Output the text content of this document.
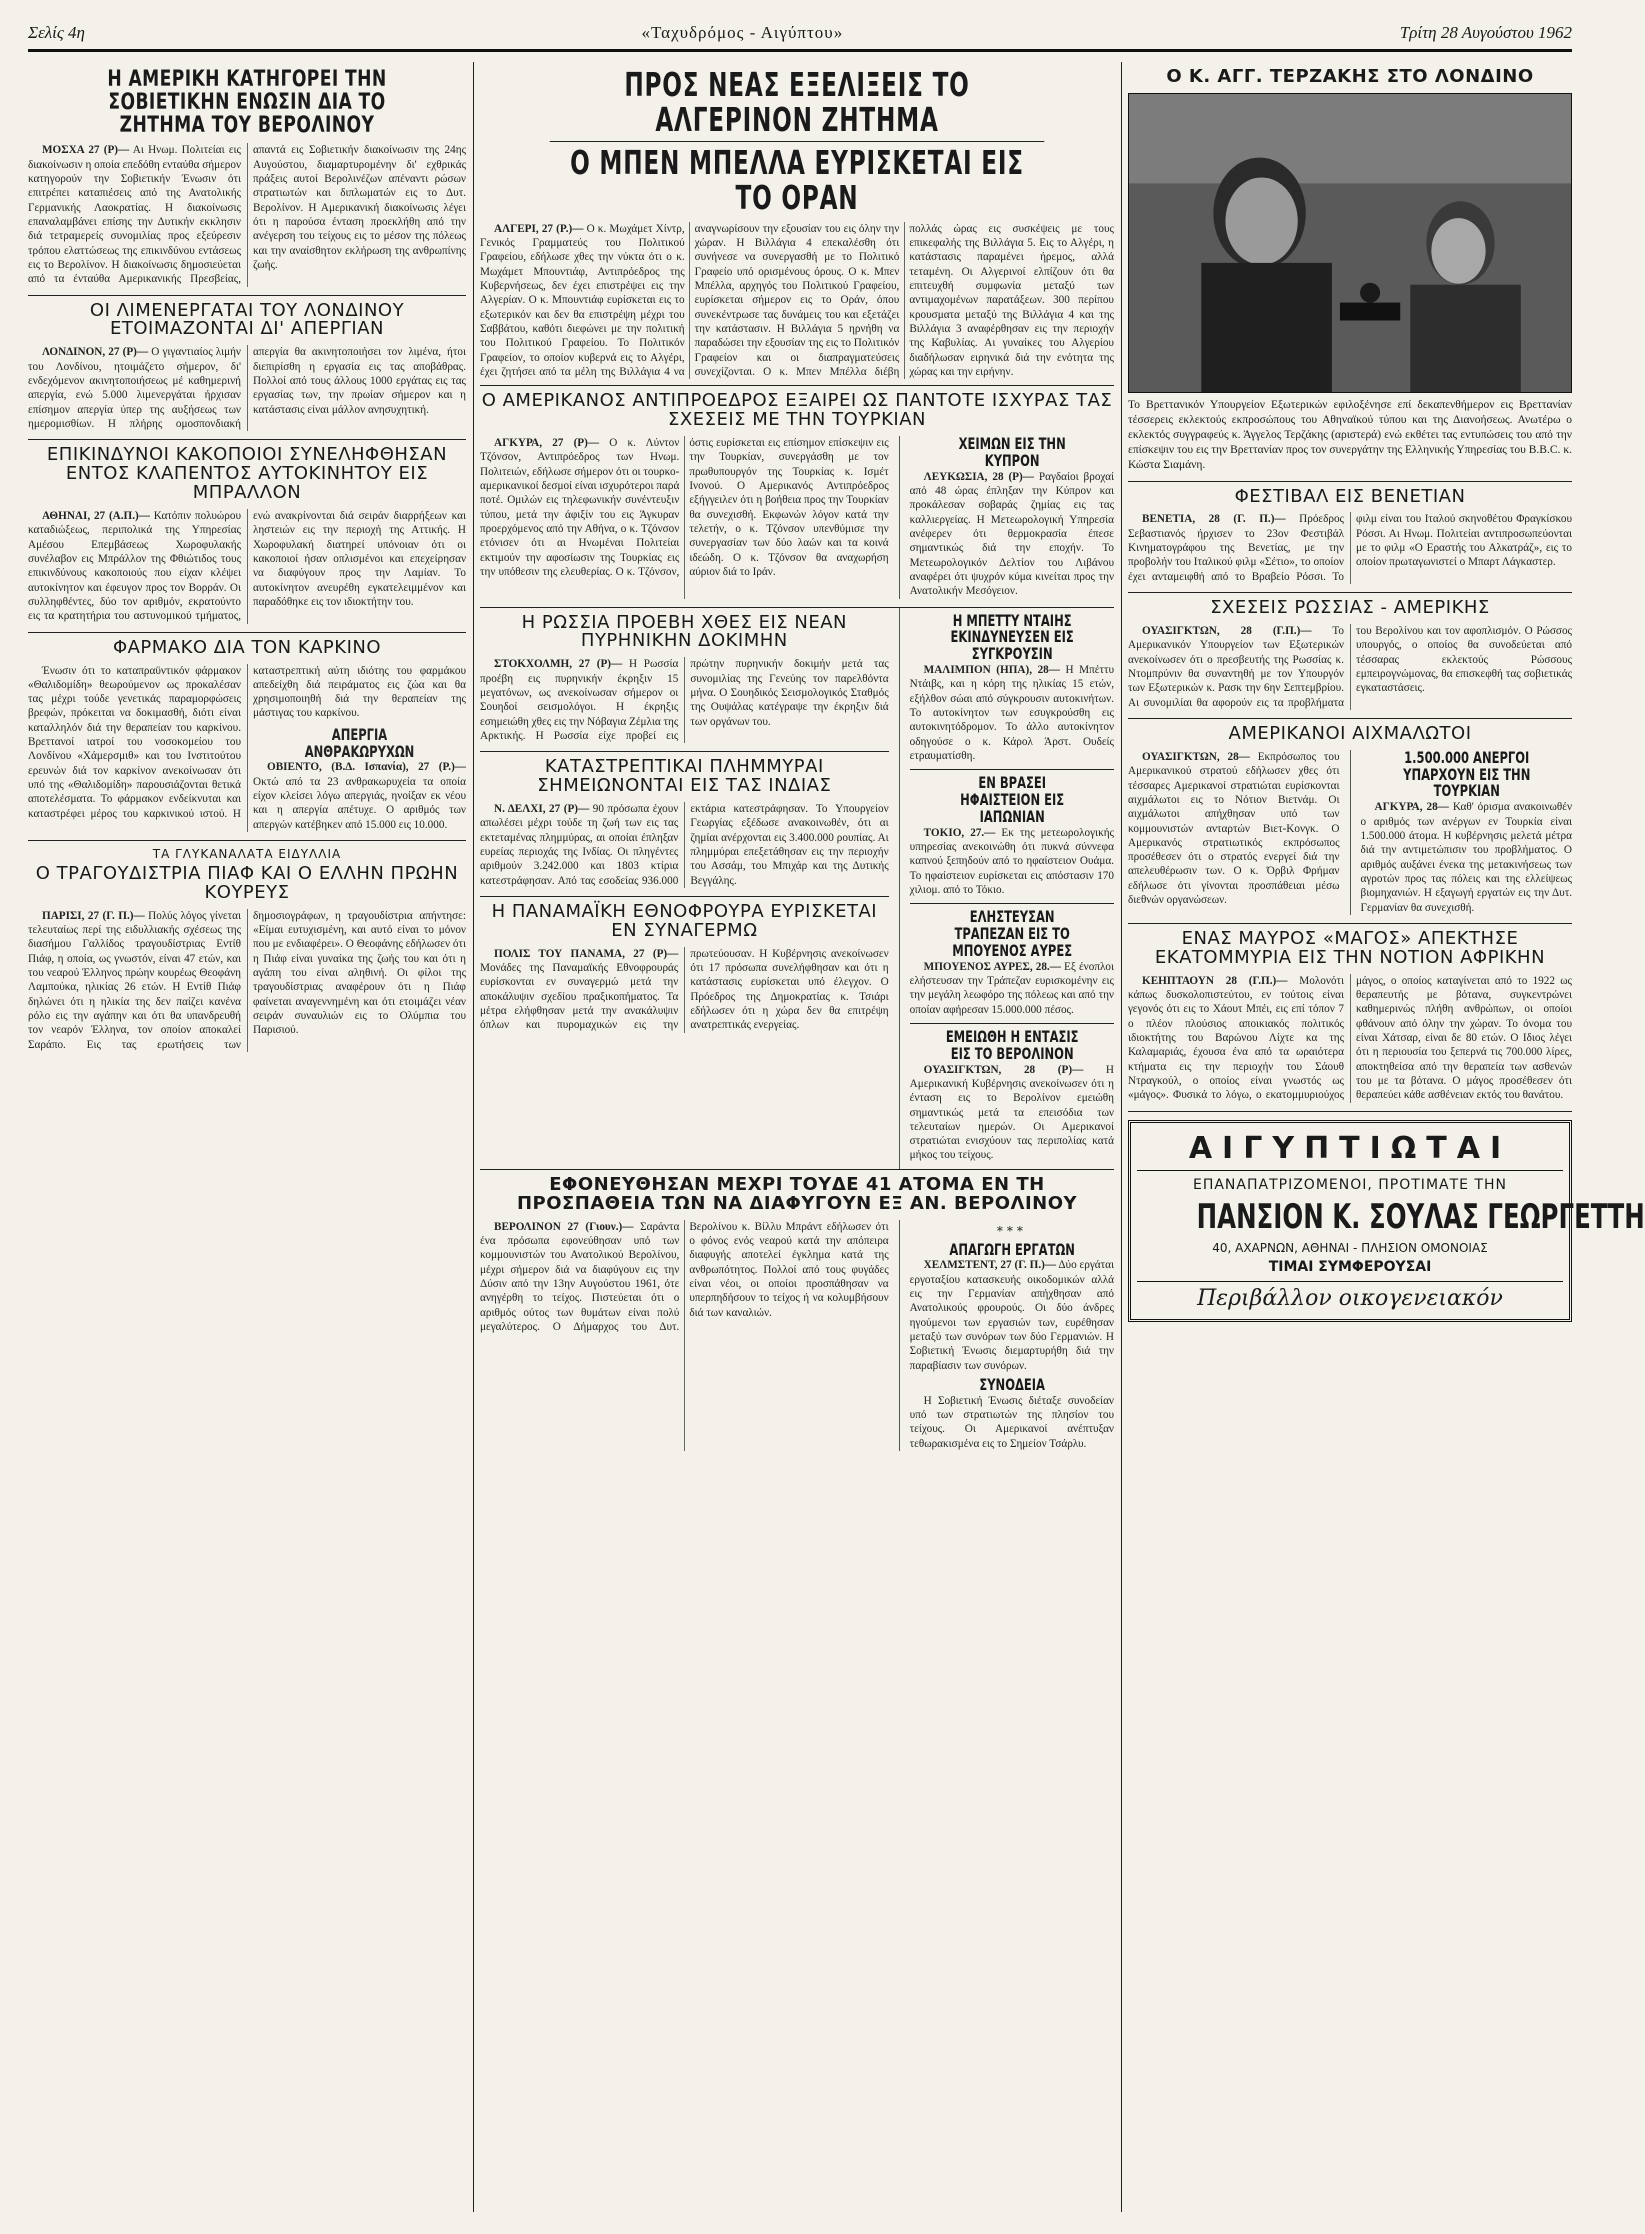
Σελίς 4η	«Ταχυδρόμος - Αιγύπτου»	Τρίτη 28 Αυγούστου 1962
Η ΑΜΕΡΙΚΗ ΚΑΤΗΓΟΡΕΙ ΤΗΝ ΣΟΒΙΕΤΙΚΗΝ ΕΝΩΣΙΝ ΔΙΑ ΤΟ ΖΗΤΗΜΑ ΤΟΥ ΒΕΡΟΛΙΝΟΥ

ΜΟΣΧΑ 27 (Ρ)— Αι Ηνωμ. Πολιτείαι εις διακοίνωσιν η οποία επεδόθη ενταύθα σήμερον κατηγορούν την Σοβιετικήν Ένωσιν ότι επιτρέπει καταπιέσεις από της Ανατολικής Γερμανικής Λαοκρατίας. Η διακοίνωσις επαναλαμβάνει επίσης την Δυτικήν εκκλησιν διά τετραμερείς συνομιλίας προς εξεύρεσιν τρόπου ελαττώσεως της επικινδύνου εντάσεως εις το Βερολίνον. Η διακοίνωσις δημοσιεύεται από τα ένταύθα Αμερικανικής Πρεσβείας, απαντά εις Σοβιετικήν διακοίνωσιν της 24ης Αυγούστου, διαμαρτυρομένην δι' εχθρικάς πράξεις αυτοί Βερολινέζων απέναντι ρώσων στρατιωτών και διπλωματών εις το Δυτ. Βερολίνον. Η Αμερικανική διακοίνωσις λέγει ότι η παρούσα ένταση προεκλήθη από την ανέγερση του τείχους εις το μέσον της πόλεως και την αναίσθητον εκλήρωση της ανθρωπίνης ζωής.

ΟΙ ΛΙΜΕΝΕΡΓΑΤΑΙ ΤΟΥ ΛΟΝΔΙΝΟΥ ΕΤΟΙΜΑΖΟΝΤΑΙ ΔΙ' ΑΠΕΡΓΙΑΝ

ΛΟΝΔΙΝΟΝ, 27 (Ρ)— Ο γιγαντιαίος λιμήν του Λονδίνου, ητοιμάζετο σήμερον, δι' ενδεχόμενον ακινητοποιήσεως μέ καθημερινή απεργία, ενώ 5.000 λιμενεργάται ήρχισαν επίσημον απεργία ύπερ της αυξήσεως των ημερομισθίων. Η πλήρης ομοσπονδιακή απεργία θα ακινητοποιήσει τον λιμένα, ήτοι διεπιρίσθη η εργασία εις τας αποβάθρας. Πολλοί από τους άλλους 1000 εργάτας εις τας εργασίας των, την πρωίαν σήμερον και η κατάστασις είναι μάλλον ανησυχητική.

ΕΠΙΚΙΝΔΥΝΟΙ ΚΑΚΟΠΟΙΟΙ ΣΥΝΕΛΗΦΘΗΣΑΝ ΕΝΤΟΣ ΚΛΑΠΕΝΤΟΣ ΑΥΤΟΚΙΝΗΤΟΥ ΕΙΣ ΜΠΡΑΛΛΟΝ

ΑΘΗΝΑΙ, 27 (Α.Π.)— Κατόπιν πολυώρου καταδιώξεως, περιπολικά της Υπηρεσίας Αμέσου Επεμβάσεως Χωροφυλακής συνέλαβον εις Μπράλλον της Φθιώτιδος τους επικινδύνους κακοποιούς που είχαν κλέψει αυτοκίνητον και έφευγον προς τον Βορράν. Οι συλληφθέντες, δύο τον αριθμόν, εκρατούντο εις τα κρατητήρια του αστυνομικού τμήματος, ενώ ανακρίνονται διά σειράν διαρρήξεων και ληστειών εις την περιοχή της Αττικής. Η Χωροφυλακή διατηρεί υπόνοιαν ότι οι κακοποιοί ήσαν οπλισμένοι και επεχείρησαν να διαφύγουν προς την Λαμίαν. Το αυτοκίνητον ανευρέθη εγκατελειμμένον και παραδόθηκε εις τον ιδιοκτήτην του.

ΦΑΡΜΑΚΟ ΔΙΑ ΤΟΝ ΚΑΡΚΙΝΟ

Ένωσιν ότι το καταπραϋντικόν φάρμακον «Θαλιδομίδη» θεωρούμενον ως προκαλέσαν τας μέχρι τούδε γενετικάς παραμορφώσεις βρεφών, πρόκειται να δοκιμασθή, διότι είναι καταλληλόν διά την θεραπείαν του καρκίνου. Βρεττανοί ιατροί του νοσοκομείου του Λονδίνου «Χάμερσμιθ» και του Ινστιτούτου ερευνών διά τον καρκίνον ανεκοίνωσαν ότι υπό της «Θαλιδομίδη» παρουσιάζονται θετικά αποτελέσματα. Το φάρμακον ενδείκνυται και καταστρέφει μέρος του καρκινικού ιστού. Η καταστρεπτική αύτη ιδιότης του φαρμάκου απεδείχθη διά πειράματος εις ζώα και θα χρησιμοποιηθή διά την θεραπείαν της μάστιγας του καρκίνου.

ΑΠΕΡΓΙΑ ΑΝΘΡΑΚΩΡΥΧΩΝ

ΟΒΙΕΝΤΟ, (Β.Δ. Ισπανία), 27 (Ρ.)— Οκτώ από τα 23 ανθρακωρυχεία τα οποία είχον κλείσει λόγω απεργιάς, ηνοίξαν εκ νέου και η απεργία απέτυχε. Ο αριθμός των απεργών κατέβηκεν από 15.000 εις 10.000.

ΤΑ ΓΛΥΚΑΝΑΛΑΤΑ ΕΙΔΥΛΛΙΑ
Ο ΤΡΑΓΟΥΔΙΣΤΡΙΑ ΠΙΑΦ ΚΑΙ Ο ΕΛΛΗΝ ΠΡΩΗΝ ΚΟΥΡΕΥΣ

ΠΑΡΙΣΙ, 27 (Γ. Π.)— Πολύς λόγος γίνεται τελευταίως περί της ειδυλλιακής σχέσεως της διασήμου Γαλλίδος τραγουδίστριας Εντίθ Πιάφ, η οποία, ως γνωστόν, είναι 47 ετών, και του νεαρού Έλληνος πρώην κουρέως Θεοφάνη Λαμπούκα, ηλικίας 26 ετών. Η Εντίθ Πιάφ δηλώνει ότι η ηλικία της δεν παίζει κανένα ρόλο εις την αγάπην και ότι θα υπανδρευθή τον νεαρόν Έλληνα, τον οποίον αποκαλεί Σαράπο. Εις τας ερωτήσεις των δημοσιογράφων, η τραγουδίστρια απήντησε: «Είμαι ευτυχισμένη, και αυτό είναι το μόνον που με ενδιαφέρει». Ο Θεοφάνης εδήλωσεν ότι η Πιάφ είναι γυναίκα της ζωής του και ότι η αγάπη του είναι αληθινή. Οι φίλοι της τραγουδίστριας αναφέρουν ότι η Πιάφ φαίνεται αναγεννημένη και ότι ετοιμάζει νέαν σειράν συναυλιών εις το Ολύμπια του Παρισιού.

ΠΡΟΣ ΝΕΑΣ ΕΞΕΛΙΞΕΙΣ ΤΟ ΑΛΓΕΡΙΝΟΝ ΖΗΤΗΜΑ
Ο ΜΠΕΝ ΜΠΕΛΛΑ ΕΥΡΙΣΚΕΤΑΙ ΕΙΣ ΤΟ ΟΡΑΝ

ΑΛΓΕΡΙ, 27 (Ρ.)— Ο κ. Μωχάμετ Χίντρ, Γενικός Γραμματεύς του Πολιτικού Γραφείου, εδήλωσε χθες την νύκτα ότι ο κ. Μωχάμετ Μπουντιάφ, Αντιπρόεδρος της Κυβερνήσεως, δεν έχει επιστρέψει εις την Αλγερίαν. Ο κ. Μπουντιάφ ευρίσκεται εις το εξωτερικόν και δεν θα επιστρέψη μέχρι του Σαββάτου, καθότι διεφώνει με την πολιτική του Πολιτικού Γραφείου. Το Πολιτικόν Γραφείον, το οποίον κυβερνά εις το Αλγέρι, έχει ζητήσει από τα μέλη της Βιλλάγια 4 να αναγνωρίσουν την εξουσίαν του εις όλην την χώραν. Η Βιλλάγια 4 επεκαλέσθη ότι συνήνεσε να συνεργασθή με το Πολιτικό Γραφείο υπό ορισμένους όρους. Ο κ. Μπεν Μπέλλα, αρχηγός του Πολιτικού Γραφείου, ευρίσκεται σήμερον εις το Οράν, όπου συνεκέντρωσε τας δυνάμεις του και εξετάζει την κατάστασιν. Η Βιλλάγια 5 ηρνήθη να παραδώσει την εξουσίαν της εις το Πολιτικόν Γραφείον και οι διαπραγματεύσεις συνεχίζονται. Ο κ. Μπεν Μπέλλα διέβη πολλάς ώρας εις συσκέψεις με τους επικεφαλής της Βιλλάγια 5. Εις το Αλγέρι, η κατάστασις παραμένει ήρεμος, αλλά τεταμένη. Οι Αλγερινοί ελπίζουν ότι θα επιτευχθή συμφωνία μεταξύ των αντιμαχομένων παρατάξεων. 300 περίπου κρουσματα μεταξύ της Βιλλάγια 4 και της Βιλλάγια 3 αναφέρθησαν εις την περιοχήν της Καβυλίας. Αι γυναίκες του Αλγερίου διαδήλωσαν ειρηνικά διά την ενότητα της χώρας και την ειρήνην.

Ο ΑΜΕΡΙΚΑΝΟΣ ΑΝΤΙΠΡΟΕΔΡΟΣ ΕΞΑΙΡΕΙ ΩΣ ΠΑΝΤΟΤΕ ΙΣΧΥΡΑΣ ΤΑΣ ΣΧΕΣΕΙΣ ΜΕ ΤΗΝ ΤΟΥΡΚΙΑΝ

ΑΓΚΥΡΑ, 27 (Ρ)— Ο κ. Λύντον Τζόνσον, Αντιπρόεδρος των Ηνωμ. Πολιτειών, εδήλωσε σήμερον ότι οι τουρκο-αμερικανικοί δεσμοί είναι ισχυρότεροι παρά ποτέ. Ομιλών εις τηλεφωνικήν συνέντευξιν τύπου, μετά την άφιξίν του εις Άγκυραν προερχόμενος από την Αθήνα, ο κ. Τζόνσον ετόνισεν ότι αι Ηνωμέναι Πολιτείαι εκτιμούν την αφοσίωσιν της Τουρκίας εις την υπόθεσιν της ελευθερίας. Ο κ. Τζόνσον, όστις ευρίσκεται εις επίσημον επίσκεψιν εις την Τουρκίαν, συνεργάσθη με τον πρωθυπουργόν της Τουρκίας κ. Ισμέτ Ινονού. Ο Αμερικανός Αντιπρόεδρος εξήγγειλεν ότι η βοήθεια προς την Τουρκίαν θα συνεχισθή. Εκφωνών λόγον κατά την τελετήν, ο κ. Τζόνσον υπενθύμισε την συνεργασίαν των δύο λαών και τα κοινά ιδεώδη. Ο κ. Τζόνσον θα αναχωρήση αύριον διά το Ιράν.

ΧΕΙΜΩΝ ΕΙΣ ΤΗΝ ΚΥΠΡΟΝ

ΛΕΥΚΩΣΙΑ, 28 (Ρ)— Ραγδαίοι βροχαί από 48 ώρας έπληξαν την Κύπρον και προκάλεσαν σοβαράς ζημίας εις τας καλλιεργείας. Η Μετεωρολογική Υπηρεσία ανέφερεν ότι θερμοκρασία έπεσε σημαντικώς διά την εποχήν. Το Μετεωρολογικόν Δελτίον του Λιβάνου αναφέρει ότι ψυχρόν κύμα κινείται προς την Ανατολικήν Μεσόγειον.

Η ΡΩΣΣΙΑ ΠΡΟΕΒΗ ΧΘΕΣ ΕΙΣ ΝΕΑΝ ΠΥΡΗΝΙΚΗΝ ΔΟΚΙΜΗΝ

ΣΤΟΚΧΟΛΜΗ, 27 (Ρ)— Η Ρωσσία προέβη εις πυρηνικήν έκρηξιν 15 μεγατόνων, ως ανεκοίνωσαν σήμερον οι Σουηδοί σεισμολόγοι. Η έκρηξις εσημειώθη χθες εις την Νόβαγια Ζέμλια της Αρκτικής. Η Ρωσσία είχε προβεί εις πρώτην πυρηνικήν δοκιμήν μετά τας συνομιλίας της Γενεύης τον παρελθόντα μήνα. Ο Σουηδικός Σεισμολογικός Σταθμός της Ουψάλας κατέγραψε την έκρηξιν διά των οργάνων του.

ΚΑΤΑΣΤΡΕΠΤΙΚΑΙ ΠΛΗΜΜΥΡΑΙ ΣΗΜΕΙΩΝΟΝΤΑΙ ΕΙΣ ΤΑΣ ΙΝΔΙΑΣ

Ν. ΔΕΛΧΙ, 27 (Ρ)— 90 πρόσωπα έχουν απωλέσει μέχρι τούδε τη ζωή των εις τας εκτεταμένας πλημμύρας, αι οποίαι έπληξαν ευρείας περιοχάς της Ινδίας. Οι πληγέντες αριθμούν 3.242.000 και 1803 κτίρια κατεστράφησαν. Από τας εσοδείας 936.000 εκτάρια κατεστράφησαν. Το Υπουργείον Γεωργίας εξέδωσε ανακοινωθέν, ότι αι ζημίαι ανέρχονται εις 3.400.000 ρουπίας. Αι πλημμύραι επεξετάθησαν εις την περιοχήν του Ασσάμ, του Μπιχάρ και της Δυτικής Βεγγάλης.

Η ΠΑΝΑΜΑΪΚΗ ΕΘΝΟΦΡΟΥΡΑ ΕΥΡΙΣΚΕΤΑΙ ΕΝ ΣΥΝΑΓΕΡΜΩ

ΠΟΛΙΣ ΤΟΥ ΠΑΝΑΜΑ, 27 (Ρ)— Μονάδες της Παναμαϊκής Εθνοφρουράς ευρίσκονται εν συναγερμώ μετά την αποκάλυψιν σχεδίου πραξικοπήματος. Τα μέτρα ελήφθησαν μετά την ανακάλυψιν όπλων και πυρομαχικών εις την πρωτεύουσαν. Η Κυβέρνησις ανεκοίνωσεν ότι 17 πρόσωπα συνελήφθησαν και ότι η κατάστασις ευρίσκεται υπό έλεγχον. Ο Πρόεδρος της Δημοκρατίας κ. Τσιάρι εδήλωσεν ότι η χώρα δεν θα επιτρέψη ανατρεπτικάς ενεργείας.

Η ΜΠΕΤΤΥ ΝΤΑΙΗΣ ΕΚΙΝΔΥΝΕΥΣΕΝ ΕΙΣ ΣΥΓΚΡΟΥΣΙΝ

ΜΑΛΙΜΠΟΝ (ΗΠΑ), 28— Η Μπέττυ Ντάιβς, και η κόρη της ηλικίας 15 ετών, εξήλθον σώαι από σύγκρουσιν αυτοκινήτων. Το αυτοκίνητον των εσυγκρούσθη εις αυτοκινητόδρομον. Το άλλο αυτοκίνητον οδηγούσε ο κ. Κάρολ Άρστ. Ουδείς ετραυματίσθη.

ΕΝ ΒΡΑΣΕΙ ΗΦΑΙΣΤΕΙΟΝ ΕΙΣ ΙΑΠΩΝΙΑΝ

ΤΟΚΙΟ, 27.— Εκ της μετεωρολογικής υπηρεσίας ανεκοινώθη ότι πυκνά σύννεφα καπνού ξεπηδούν από το ηφαίστειον Ουάμα. Το ηφαίστειον ευρίσκεται εις απόστασιν 170 χιλιομ. από το Τόκιο.

ΕΛΗΣΤΕΥΣΑΝ ΤΡΑΠΕΖΑΝ ΕΙΣ ΤΟ ΜΠΟΥΕΝΟΣ ΑΥΡΕΣ

ΜΠΟΥΕΝΟΣ ΑΥΡΕΣ, 28.— Εξ ένοπλοι ελήστευσαν την Τράπεζαν ευρισκομένην εις την μεγάλη λεωφόρο της πόλεως και από την οποίαν αφήρεσαν 15.000.000 πέσος.

ΕΜΕΙΩΘΗ Η ΕΝΤΑΣΙΣ ΕΙΣ ΤΟ ΒΕΡΟΛΙΝΟΝ

ΟΥΑΣΙΓΚΤΩΝ, 28 (Ρ)— Η Αμερικανική Κυβέρνησις ανεκοίνωσεν ότι η ένταση εις το Βερολίνον εμειώθη σημαντικώς μετά τα επεισόδια των τελευταίων ημερών. Οι Αμερικανοί στρατιώται ενισχύουν τας περιπολίας κατά μήκος του τείχους.

ΕΦΟΝΕΥΘΗΣΑΝ ΜΕΧΡΙ ΤΟΥΔΕ 41 ΑΤΟΜΑ ΕΝ ΤΗ ΠΡΟΣΠΑΘΕΙΑ ΤΩΝ ΝΑ ΔΙΑΦΥΓΟΥΝ ΕΞ ΑΝ. ΒΕΡΟΛΙΝΟΥ

ΒΕΡΟΛΙΝΟΝ 27 (Γιουν.)— Σαράντα ένα πρόσωπα εφονεύθησαν υπό των κομμουνιστών του Ανατολικού Βερολίνου, μέχρι σήμερον διά να διαφύγουν εις την Δύσιν από την 13ην Αυγούστου 1961, ότε ανηγέρθη το τείχος. Πιστεύεται ότι ο αριθμός ούτος των θυμάτων είναι πολύ μεγαλύτερος. Ο Δήμαρχος του Δυτ. Βερολίνου κ. Βίλλυ Μπράντ εδήλωσεν ότι ο φόνος ενός νεαρού κατά την απόπειρα διαφυγής αποτελεί έγκλημα κατά της ανθρωπότητος. Πολλοί από τους φυγάδες είναι νέοι, οι οποίοι προσπάθησαν να υπερπηδήσουν το τείχος ή να κολυμβήσουν διά των καναλιών.

***
ΑΠΑΓΩΓΗ ΕΡΓΑΤΩΝ

ΧΕΛΜΣΤΕΝΤ, 27 (Γ. Π.)— Δύο εργάται εργοταξίου κατασκευής οικοδομικών αλλά εις την Γερμανίαν απήχθησαν από Ανατολικούς φρουρούς. Οι δύο άνδρες ηγούμενοι των εργασιών των, ευρέθησαν μεταξύ των συνόρων των δύο Γερμανιών. Η Σοβιετική Ένωσις διεμαρτυρήθη διά την παραβίασιν των συνόρων.

ΣΥΝΟΔΕΙΑ

Η Σοβιετική Ένωσις διέταξε συνοδείαν υπό των στρατιωτών της πλησίον του τείχους. Οι Αμερικανοί ανέπτυξαν τεθωρακισμένα εις το Σημείον Τσάρλυ.

Ο Κ. ΑΓΓ. ΤΕΡΖΑΚΗΣ ΣΤΟ ΛΟΝΔΙΝΟ
Το Βρεττανικόν Υπουργείον Εξωτερικών εφιλοξένησε επί δεκαπενθήμερον εις Βρεττανίαν τέσσερεις εκλεκτούς εκπροσώπους του Αθηναϊκού τύπου και της Διανοήσεως. Ανωτέρω ο εκλεκτός συγγραφεύς κ. Άγγελος Τερζάκης (αριστερά) ενώ εκθέτει τας εντυπώσεις του από την επίσκεψιν του εις την Βρεττανίαν προς τον συνεργάτην της Ελληνικής Υπηρεσίας του B.B.C. κ. Κώστα Σιαμάνη.
ΦΕΣΤΙΒΑΛ ΕΙΣ ΒΕΝΕΤΙΑΝ

ΒΕΝΕΤΙΑ, 28 (Γ. Π.)— Πρόεδρος Σεβαστιανός ήρχισεν το 23ον Φεστιβάλ Κινηματογράφου της Βενετίας, με την προβολήν του Ιταλικού φιλμ «Σέτιο», το οποίον έχει ανταμειφθή από το Βραβείο Ρόσσι. Το φιλμ είναι του Ιταλού σκηνοθέτου Φραγκίσκου Ρόσσι. Αι Ηνωμ. Πολιτείαι αντιπροσωπεύονται με το φιλμ «Ο Εραστής του Αλκατράζ», εις το οποίον πρωταγωνιστεί ο Μπαρτ Λάγκαστερ.

ΣΧΕΣΕΙΣ ΡΩΣΣΙΑΣ - ΑΜΕΡΙΚΗΣ

ΟΥΑΣΙΓΚΤΩΝ, 28 (Γ.Π.)— Το Αμερικανικόν Υπουργείον των Εξωτερικών ανεκοίνωσεν ότι ο πρεσβευτής της Ρωσσίας κ. Ντομπρύνιν θα συναντηθή με τον Υπουργόν των Εξωτερικών κ. Ρασκ την 6ην Σεπτεμβρίου. Αι συνομιλίαι θα αφορούν εις τα προβλήματα του Βερολίνου και τον αφοπλισμόν. Ο Ρώσσος υπουργός, ο οποίος θα συνοδεύεται από τέσσαρας εκλεκτούς Ρώσσους εμπειρογνώμονας, θα επισκεφθή τας σοβιετικάς εγκαταστάσεις.

ΑΜΕΡΙΚΑΝΟΙ ΑΙΧΜΑΛΩΤΟΙ

ΟΥΑΣΙΓΚΤΩΝ, 28— Εκπρόσωπος του Αμερικανικού στρατού εδήλωσεν χθες ότι τέσσαρες Αμερικανοί στρατιώται ευρίσκονται αιχμάλωτοι εις το Νότιον Βιετνάμ. Οι αιχμάλωτοι απήχθησαν υπό των κομμουνιστών ανταρτών Βιετ-Κονγκ. Ο Αμερικανός στρατιωτικός εκπρόσωπος προσέθεσεν ότι ο στρατός ενεργεί διά την απελευθέρωσιν των. Ο κ. Όρβιλ Φρήμαν εδήλωσε ότι γίνονται προσπάθειαι μέσω διεθνών οργανώσεων.

1.500.000 ΑΝΕΡΓΟΙ ΥΠΑΡΧΟΥΝ ΕΙΣ ΤΗΝ ΤΟΥΡΚΙΑΝ

ΑΓΚΥΡΑ, 28— Καθ' όρισμα ανακοινωθέν ο αριθμός των ανέργων εν Τουρκία είναι 1.500.000 άτομα. Η κυβέρνησις μελετά μέτρα διά την αντιμετώπισιν του προβλήματος. Ο αριθμός αυξάνει ένεκα της μετακινήσεως των αγροτών προς τας πόλεις και της ελλείψεως βιομηχανιών. Η εξαγωγή εργατών εις την Δυτ. Γερμανίαν θα συνεχισθή.

ΕΝΑΣ ΜΑΥΡΟΣ «ΜΑΓΟΣ» ΑΠΕΚΤΗΣΕ ΕΚΑΤΟΜΜΥΡΙΑ ΕΙΣ ΤΗΝ ΝΟΤΙΟΝ ΑΦΡΙΚΗΝ

ΚΕΗΠΤΑΟΥΝ 28 (Γ.Π.)— Μολονότι κάπως δυσκολοπιστεύτου, εν τούτοις είναι γεγονός ότι εις το Χάουτ Μπέι, εις επί τόπον 7 ο πλέον πλούσιος αποικιακός πολιτικός ιδιοκτήτης του Βαρώνου Λίχτε κα της Καλαμαριάς, έχουσα ένα από τα ωραιότερα κτήματα εις την περιοχήν του Σάουθ Ντραγκούλ, ο οποίος είναι γνωστός ως «μάγος». Φυσικά το λόγω, ο εκατομμυριούχος μάγος, ο οποίος καταγίνεται από το 1922 ως θεραπευτής με βότανα, συγκεντρώνει καθημερινώς πλήθη ανθρώπων, οι οποίοι φθάνουν από όλην την χώραν. Το όνομα του είναι Χάτσαρ, είναι δε 80 ετών. Ο Ιδιος λέγει ότι η περιουσία του ξεπερνά τις 700.000 λίρες, αποκτηθείσα από την θεραπεία των ασθενών του με τα βότανα. Ο μάγος προσέθεσεν ότι θεραπεύει κάθε ασθένειαν εκτός του θανάτου.

ΑΙΓΥΠΤΙΩΤΑΙ
ΕΠΑΝΑΠΑΤΡΙΖΟΜΕΝΟΙ, ΠΡΟΤΙΜΑΤΕ ΤΗΝ
ΠΑΝΣΙΟΝ Κ. ΣΟΥΛΑΣ ΓΕΩΡΓΕΤΤΗ
40, ΑΧΑΡΝΩΝ, ΑΘΗΝΑΙ - ΠΛΗΣΙΟΝ ΟΜΟΝΟΙΑΣ
ΤΙΜΑΙ ΣΥΜΦΕΡΟΥΣΑΙ
Περιβάλλον οικογενειακόν
